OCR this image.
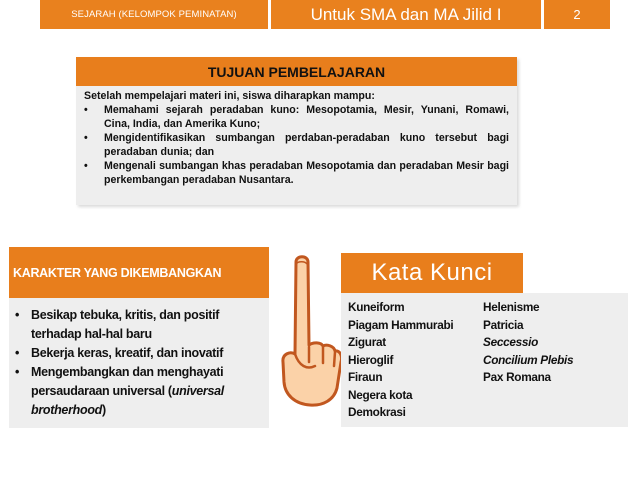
SEJARAH (KELOMPOK PEMINATAN)	Untuk SMA dan MA Jilid I	2
TUJUAN PEMBELAJARAN
Setelah mempelajari materi ini, siswa diharapkan mampu:
• Memahami sejarah peradaban kuno: Mesopotamia, Mesir, Yunani, Romawi, Cina, India, dan Amerika Kuno;
• Mengidentifikasikan sumbangan perdaban-peradaban kuno tersebut bagi peradaban dunia; dan
• Mengenali sumbangan khas peradaban Mesopotamia dan peradaban Mesir bagi perkembangan peradaban Nusantara.
KARAKTER YANG DIKEMBANGKAN
• Besikap tebuka, kritis, dan positif terhadap hal-hal baru
• Bekerja keras, kreatif, dan inovatif
• Mengembangkan dan menghayati persaudaraan universal (universal brotherhood)
Kata Kunci
Kuneiform
Piagam Hammurabi
Zigurat
Hieroglif
Firaun
Negera kota
Demokrasi
Helenisme
Patricia
Seccessio
Concilium Plebis
Pax Romana
